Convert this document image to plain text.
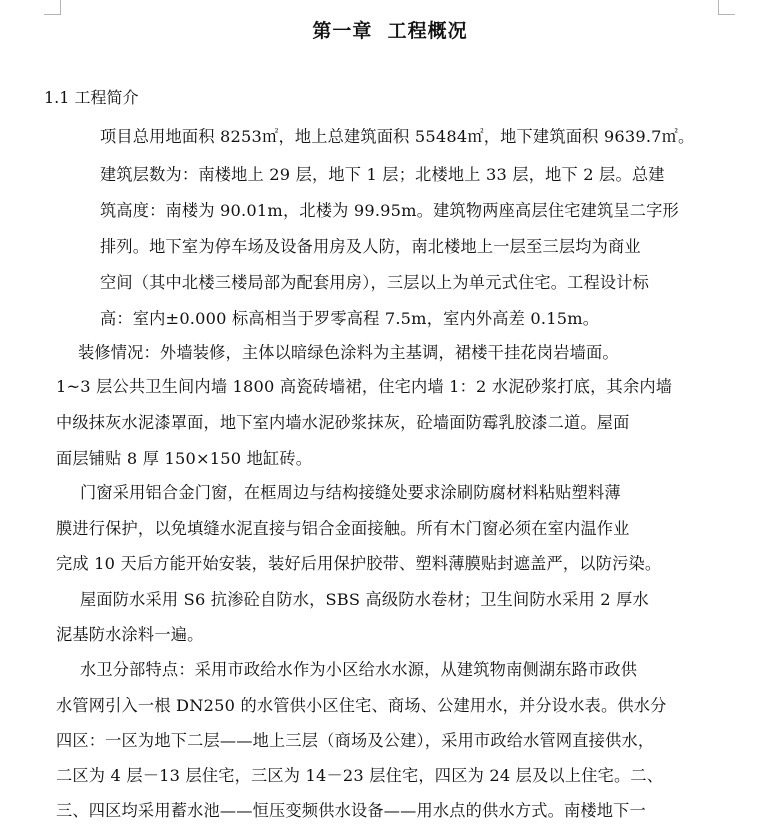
第一章  工程概况
1.1 工程简介
项目总用地面积 8253㎡，地上总建筑面积 55484㎡，地下建筑面积 9639.7㎡。
建筑层数为：南楼地上 29 层，地下 1 层；北楼地上 33 层，地下 2 层。总建
筑高度：南楼为 90.01m，北楼为 99.95m。建筑物两座高层住宅建筑呈二字形
排列。地下室为停车场及设备用房及人防，南北楼地上一层至三层均为商业
空间（其中北楼三楼局部为配套用房），三层以上为单元式住宅。工程设计标
高：室内±0.000 标高相当于罗零高程 7.5m，室内外高差 0.15m。
装修情况：外墙装修，主体以暗绿色涂料为主基调，裙楼干挂花岗岩墙面。
1~3 层公共卫生间内墙 1800 高瓷砖墙裙，住宅内墙 1：2 水泥砂浆打底，其余内墙
中级抹灰水泥漆罩面，地下室内墙水泥砂浆抹灰，砼墙面防霉乳胶漆二道。屋面
面层铺贴 8 厚 150×150 地缸砖。
门窗采用铝合金门窗，在框周边与结构接缝处要求涂刷防腐材料粘贴塑料薄
膜进行保护，以免填缝水泥直接与铝合金面接触。所有木门窗必须在室内温作业
完成 10 天后方能开始安装，装好后用保护胶带、塑料薄膜贴封遮盖严，以防污染。
屋面防水采用 S6 抗渗砼自防水，SBS 高级防水卷材；卫生间防水采用 2 厚水
泥基防水涂料一遍。
水卫分部特点：采用市政给水作为小区给水水源，从建筑物南侧湖东路市政供
水管网引入一根 DN250 的水管供小区住宅、商场、公建用水，并分设水表。供水分
四区：一区为地下二层——地上三层（商场及公建），采用市政给水管网直接供水，
二区为 4 层－13 层住宅，三区为 14－23 层住宅，四区为 24 层及以上住宅。二、
三、四区均采用蓄水池——恒压变频供水设备——用水点的供水方式。南楼地下一
